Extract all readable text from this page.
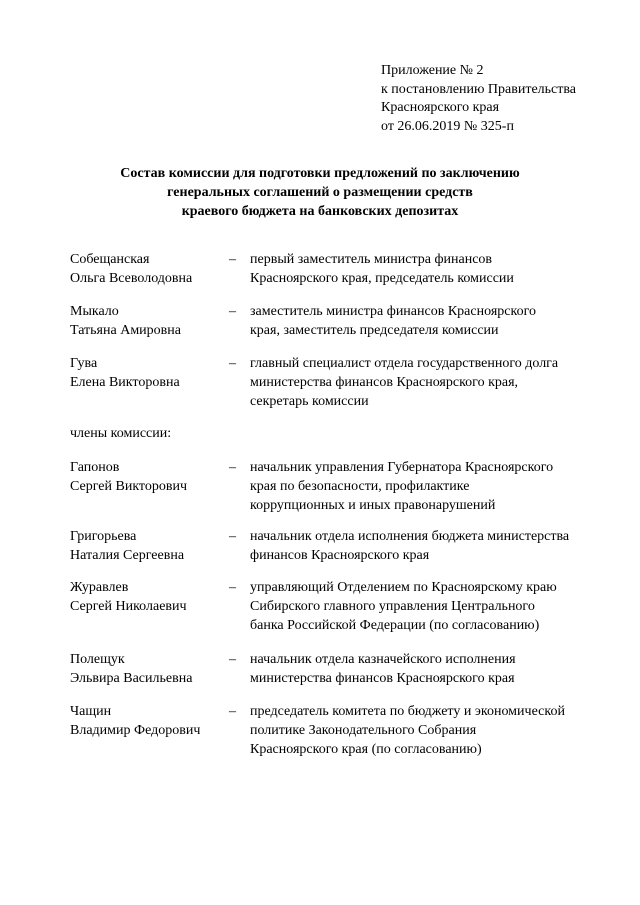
Приложение № 2
к постановлению Правительства
Красноярского края
от 26.06.2019 № 325-п
Состав комиссии для подготовки предложений по заключению
генеральных соглашений о размещении средств
краевого бюджета на банковских депозитах
Собещанская
Ольга Всеволодовна
– первый заместитель министра финансов
Красноярского края, председатель комиссии
Мыкало
Татьяна Амировна
– заместитель министра финансов Красноярского
края, заместитель председателя комиссии
Гува
Елена Викторовна
– главный специалист отдела государственного долга
министерства финансов Красноярского края,
секретарь комиссии
члены комиссии:
Гапонов
Сергей Викторович
– начальник управления Губернатора Красноярского
края по безопасности, профилактике
коррупционных и иных правонарушений
Григорьева
Наталия Сергеевна
– начальник отдела исполнения бюджета министерства
финансов Красноярского края
Журавлев
Сергей Николаевич
– управляющий Отделением по Красноярскому краю
Сибирского главного управления Центрального
банка Российской Федерации (по согласованию)
Полещук
Эльвира Васильевна
– начальник отдела казначейского исполнения
министерства финансов Красноярского края
Чащин
Владимир Федорович
– председатель комитета по бюджету и экономической
политике Законодательного Собрания
Красноярского края (по согласованию)
